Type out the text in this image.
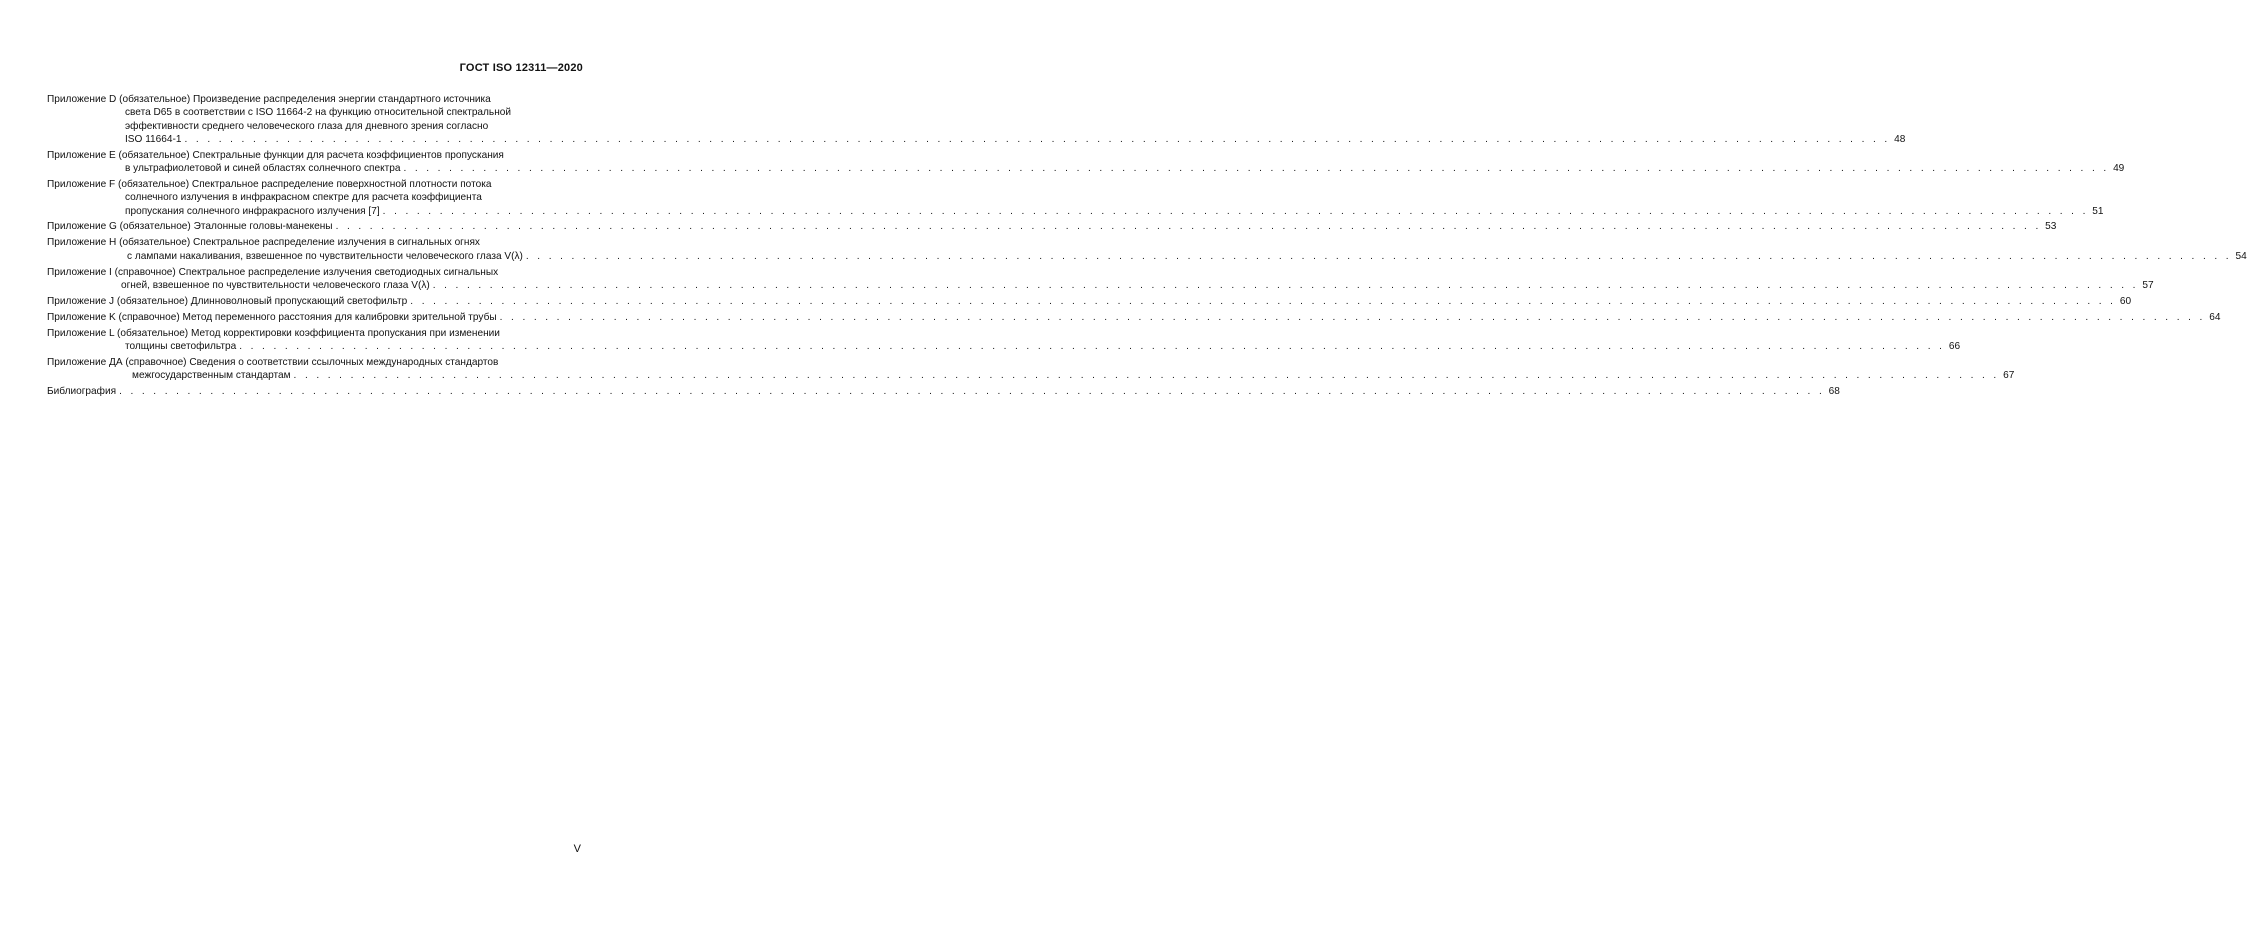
ГОСТ ISO 12311—2020
Приложение D (обязательное) Произведение распределения энергии стандартного источника
света D65 в соответствии с ISO 11664-2 на функцию относительной спектральной
эффективности среднего человеческого глаза для дневного зрения согласно
ISO 11664-1 . . . . . . . . . . . . . . . . . . . . . . . . . . . . . . . . . . . . . . . . . . . . . . . . . . . . . . . . . . . . . . . . . . . . . . . . . . . . . . . . . . . . . . . . . . . . . . . . . . . . . . . . . . . . . . . . . . . . . . . . . . . . . . . . . . . . . . . . . . . . . . . . . . . . . . 48
Приложение E (обязательное) Спектральные функции для расчета коэффициентов пропускания
в ультрафиолетовой и синей областях солнечного спектра . . . . . . . . . . . . . . . . . . . . . . . . . . . . . . . . . . . . . . . . . . . . . . . . . . . . . . . . . . . . . . . . . . . . . . . . . . . . . . . . . . . . . . . . . . . . . . . . . . . . . . . . . . . . . . . . . . . . . . . . . . . . . . . . . . . . . . . . . . . . . . . . . . . . . . 49
Приложение F (обязательное) Спектральное распределение поверхностной плотности потока
солнечного излучения в инфракрасном спектре для расчета коэффициента
пропускания солнечного инфракрасного излучения [7] . . . . . . . . . . . . . . . . . . . . . . . . . . . . . . . . . . . . . . . . . . . . . . . . . . . . . . . . . . . . . . . . . . . . . . . . . . . . . . . . . . . . . . . . . . . . . . . . . . . . . . . . . . . . . . . . . . . . . . . . . . . . . . . . . . . . . . . . . . . . . . . . . . . . . . 51
Приложение G (обязательное) Эталонные головы-манекены . . . . . . . . . . . . . . . . . . . . . . . . . . . . . . . . . . . . . . . . . . . . . . . . . . . . . . . . . . . . . . . . . . . . . . . . . . . . . . . . . . . . . . . . . . . . . . . . . . . . . . . . . . . . . . . . . . . . . . . . . . . . . . . . . . . . . . . . . . . . . . . . . . . . . . 53
Приложение H (обязательное) Спектральное распределение излучения в сигнальных огнях
с лампами накаливания, взвешенное по чувствительности человеческого глаза V(λ) . . . . . . . . . . . . . . . . . . . . . . . . . . . . . . . . . . . . . . . . . . . . . . . . . . . . . . . . . . . . . . . . . . . . . . . . . . . . . . . . . . . . . . . . . . . . . . . . . . . . . . . . . . . . . . . . . . . . . . . . . . . . . . . . . . . . . . . . . . . . . . . . . . . . . . 54
Приложение I (справочное) Спектральное распределение излучения светодиодных сигнальных
огней, взвешенное по чувствительности человеческого глаза V(λ) . . . . . . . . . . . . . . . . . . . . . . . . . . . . . . . . . . . . . . . . . . . . . . . . . . . . . . . . . . . . . . . . . . . . . . . . . . . . . . . . . . . . . . . . . . . . . . . . . . . . . . . . . . . . . . . . . . . . . . . . . . . . . . . . . . . . . . . . . . . . . . . . . . . . . . 57
Приложение J (обязательное) Длинноволновый пропускающий светофильтр . . . . . . . . . . . . . . . . . . . . . . . . . . . . . . . . . . . . . . . . . . . . . . . . . . . . . . . . . . . . . . . . . . . . . . . . . . . . . . . . . . . . . . . . . . . . . . . . . . . . . . . . . . . . . . . . . . . . . . . . . . . . . . . . . . . . . . . . . . . . . . . . . . . . . . 60
Приложение K (справочное) Метод переменного расстояния для калибровки зрительной трубы . . . . . . . . . . . . . . . . . . . . . . . . . . . . . . . . . . . . . . . . . . . . . . . . . . . . . . . . . . . . . . . . . . . . . . . . . . . . . . . . . . . . . . . . . . . . . . . . . . . . . . . . . . . . . . . . . . . . . . . . . . . . . . . . . . . . . . . . . . . . . . . . . . . . . . 64
Приложение L (обязательное) Метод корректировки коэффициента пропускания при изменении
толщины светофильтра . . . . . . . . . . . . . . . . . . . . . . . . . . . . . . . . . . . . . . . . . . . . . . . . . . . . . . . . . . . . . . . . . . . . . . . . . . . . . . . . . . . . . . . . . . . . . . . . . . . . . . . . . . . . . . . . . . . . . . . . . . . . . . . . . . . . . . . . . . . . . . . . . . . . . . 66
Приложение ДА (справочное) Сведения о соответствии ссылочных международных стандартов
межгосударственным стандартам . . . . . . . . . . . . . . . . . . . . . . . . . . . . . . . . . . . . . . . . . . . . . . . . . . . . . . . . . . . . . . . . . . . . . . . . . . . . . . . . . . . . . . . . . . . . . . . . . . . . . . . . . . . . . . . . . . . . . . . . . . . . . . . . . . . . . . . . . . . . . . . . . . . . . . 67
Библиография . . . . . . . . . . . . . . . . . . . . . . . . . . . . . . . . . . . . . . . . . . . . . . . . . . . . . . . . . . . . . . . . . . . . . . . . . . . . . . . . . . . . . . . . . . . . . . . . . . . . . . . . . . . . . . . . . . . . . . . . . . . . . . . . . . . . . . . . . . . . . . . . . . . . . . 68
V
